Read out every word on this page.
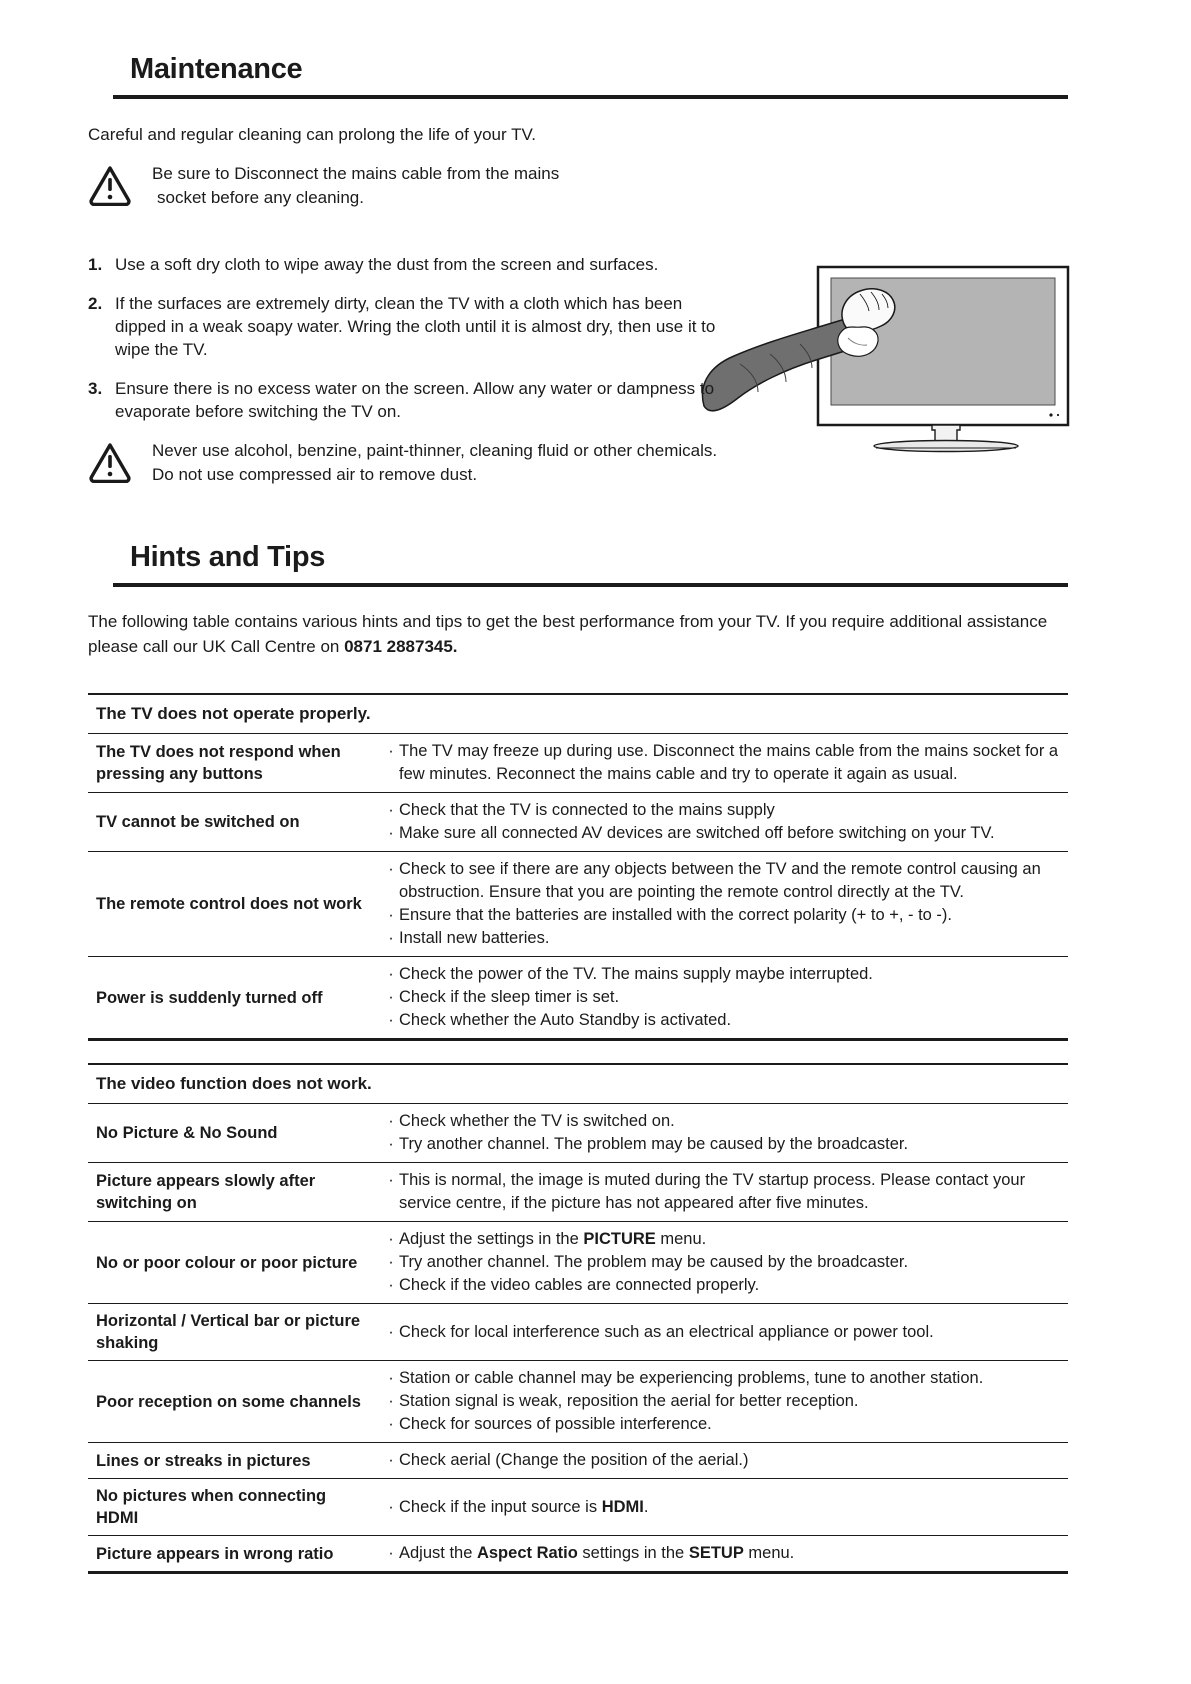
Maintenance

Careful and regular cleaning can prolong the life of your TV.

Be sure to Disconnect the mains cable from the mains
socket before any cleaning.
1. Use a soft dry cloth to wipe away the dust from the screen and surfaces.
2. If the surfaces are extremely dirty, clean the TV with a cloth which has been dipped in a weak soapy water. Wring the cloth until it is almost dry, then use it to wipe the TV.
3. Ensure there is no excess water on the screen. Allow any water or dampness to evaporate before switching the TV on.
Never use alcohol, benzine, paint-thinner, cleaning fluid or other chemicals.
Do not use compressed air to remove dust.
Hints and Tips

The following table contains various hints and tips to get the best performance from your TV. If you require additional assistance
please call our UK Call Centre on 0871 2887345.

The TV does not operate properly.
The TV does not respond when pressing any buttons
· The TV may freeze up during use. Disconnect the mains cable from the mains socket for a few minutes. Reconnect the mains cable and try to operate it again as usual.
TV cannot be switched on
· Check that the TV is connected to the mains supply
· Make sure all connected AV devices are switched off before switching on your TV.
The remote control does not work
· Check to see if there are any objects between the TV and the remote control causing an obstruction. Ensure that you are pointing the remote control directly at the TV.
· Ensure that the batteries are installed with the correct polarity (+ to +, - to -).
· Install new batteries.
Power is suddenly turned off
· Check the power of the TV. The mains supply maybe interrupted.
· Check if the sleep timer is set.
· Check whether the Auto Standby is activated.
The video function does not work.
No Picture & No Sound
· Check whether the TV is switched on.
· Try another channel. The problem may be caused by the broadcaster.
Picture appears slowly after switching on
· This is normal, the image is muted during the TV startup process. Please contact your service centre, if the picture has not appeared after five minutes.
No or poor colour or poor picture
· Adjust the settings in the PICTURE menu.
· Try another channel. The problem may be caused by the broadcaster.
· Check if the video cables are connected properly.
Horizontal / Vertical bar or picture shaking
· Check for local interference such as an electrical appliance or power tool.
Poor reception on some channels
· Station or cable channel may be experiencing problems, tune to another station.
· Station signal is weak, reposition the aerial for better reception.
· Check for sources of possible interference.
Lines or streaks in pictures	· Check aerial (Change the position of the aerial.)
No pictures when connecting HDMI
· Check if the input source is HDMI.
Picture appears in wrong ratio	· Adjust the Aspect Ratio settings in the SETUP menu.
